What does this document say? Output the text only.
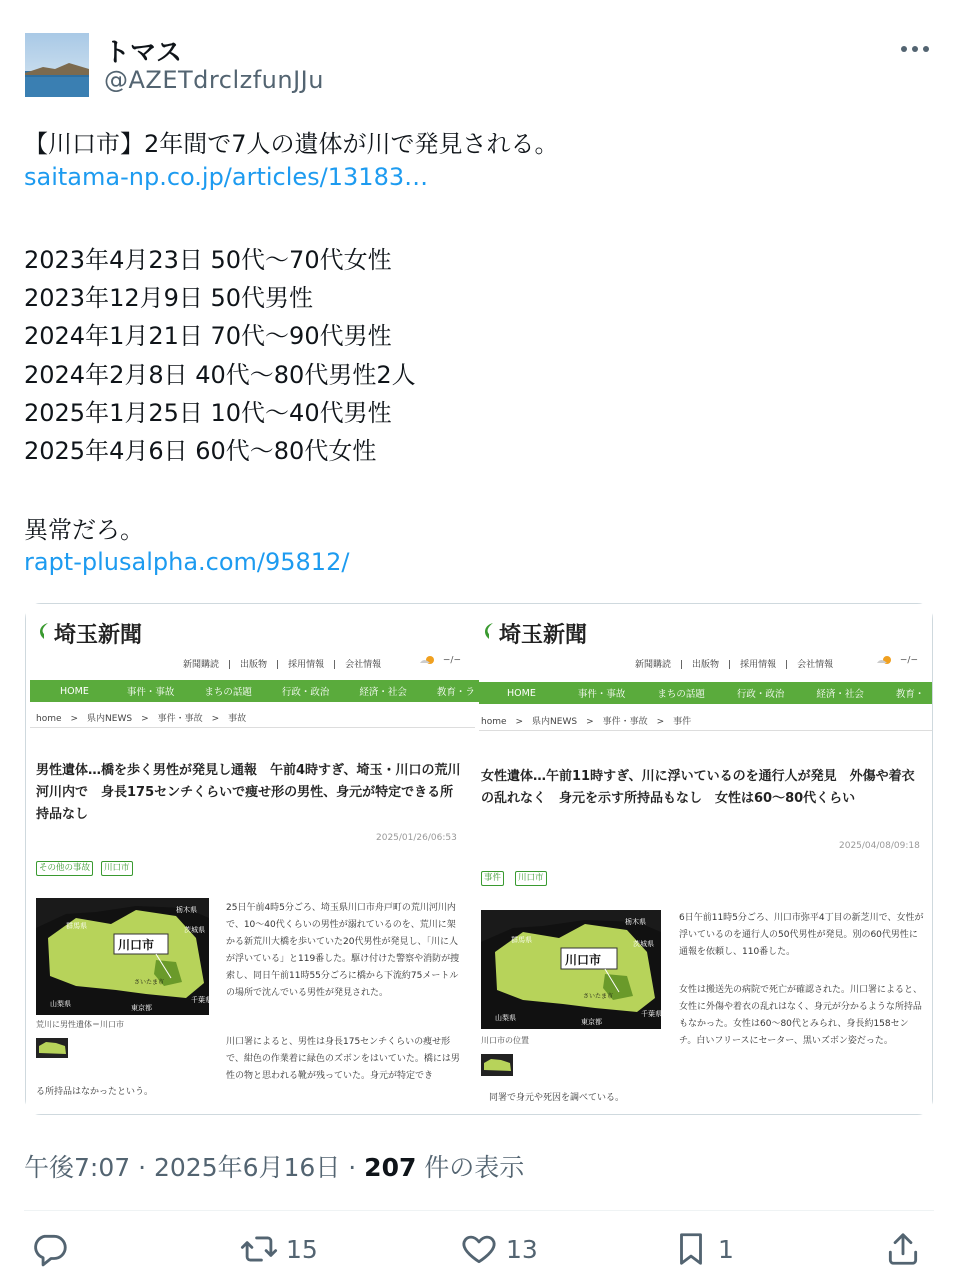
トマス
@AZETdrclzfunJJu
【川口市】2年間で7人の遺体が川で発見される。
saitama-np.co.jp/articles/13183…
2023年4月23日 50代〜70代女性
2023年12月9日 50代男性
2024年1月21日 70代〜90代男性
2024年2月8日 40代〜80代男性2人
2025年1月25日 10代〜40代男性
2025年4月6日 60代〜80代女性
異常だろ。
rapt-plusalpha.com/95812/
埼玉新聞
新聞購読　|　出版物　|　採用情報　|　会社情報	−/−
HOME	事件・事故	まちの話題	行政・政治	経済・社会	教育・ラ
home　>　県内NEWS　>　事件・事故　>　事故
男性遺体…橋を歩く男性が発見し通報　午前4時すぎ、埼玉・川口の荒川河川内で　身長175センチくらいで痩せ形の男性、身元が特定できる所持品なし
2025/01/26/06:53
その他の事故	川口市
群馬県
栃木県
茨城県
山梨県	東京都
千葉県
川口市
さいたま市
荒川に男性遺体＝川口市
25日午前4時5分ごろ、埼玉県川口市舟戸町の荒川河川内で、10〜40代くらいの男性が溺れているのを、荒川に架かる新荒川大橋を歩いていた20代男性が発見し、「川に人が浮いている」と119番した。駆け付けた警察や消防が捜索し、同日午前11時55分ごろに橋から下流約75メートルの場所で沈んでいる男性が発見された。
川口署によると、男性は身長175センチくらいの痩せ形で、紺色の作業着に緑色のズボンをはいていた。橋には男性の物と思われる靴が残っていた。身元が特定でき
る所持品はなかったという。
埼玉新聞
新聞購読　|　出版物　|　採用情報　|　会社情報	−/−
HOME	事件・事故	まちの話題	行政・政治	経済・社会	教育・
home　>　県内NEWS　>　事件・事故　>　事件
女性遺体…午前11時すぎ、川に浮いているのを通行人が発見　外傷や着衣の乱れなく　身元を示す所持品もなし　女性は60〜80代くらい
2025/04/08/09:18
事件	川口市
群馬県
栃木県
茨城県
山梨県	東京都
千葉県
川口市
さいたま市
川口市の位置
6日午前11時5分ごろ、川口市弥平4丁目の新芝川で、女性が浮いているのを通行人の50代男性が発見。別の60代男性に通報を依頼し、110番した。
女性は搬送先の病院で死亡が確認された。川口署によると、女性に外傷や着衣の乱れはなく、身元が分かるような所持品もなかった。女性は60〜80代とみられ、身長約158センチ。白いフリースにセーター、黒いズボン姿だった。
同署で身元や死因を調べている。
午後7:07 · 2025年6月16日 · 207 件の表示
15	13	1
